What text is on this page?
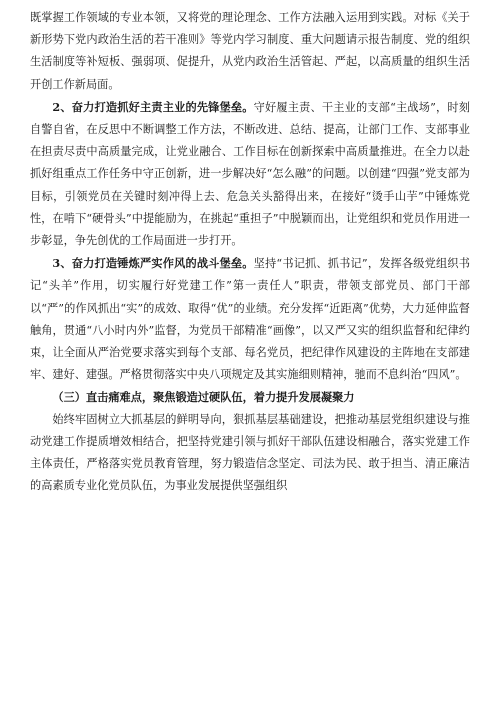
既掌握工作领域的专业本领，又将党的理论理念、工作方法融入运用到实践。对标《关于新形势下党内政治生活的若干准则》等党内学习制度、重大问题请示报告制度、党的组织生活制度等补短板、强弱项、促提升，从党内政治生活管起、严起，以高质量的组织生活开创工作新局面。

2、奋力打造抓好主责主业的先锋堡垒。守好履主责、干主业的支部“主战场”，时刻自警自省，在反思中不断调整工作方法，不断改进、总结、提高，让部门工作、支部事业在担责尽责中高质量完成，让党业融合、工作目标在创新探索中高质量推进。在全力以赴抓好组重点工作任务中守正创新，进一步解决好“怎么融”的问题。以创建“四强”党支部为目标，引领党员在关键时刻冲得上去、危急关头豁得出来，在接好“烫手山芋”中锤炼党性，在啃下“硬骨头”中提能励为，在挑起“重担子”中脱颖而出，让党组织和党员作用进一步彰显，争先创优的工作局面进一步打开。

3、奋力打造锤炼严实作风的战斗堡垒。坚持“书记抓、抓书记”，发挥各级党组织书记“头羊”作用，切实履行好党建工作”第一责任人”职责，带领支部党员、部门干部以“严”的作风抓出“实”的成效、取得“优”的业绩。充分发挥“近距离”优势，大力延伸监督触角，贯通“八小时内外”监督，为党员干部精准“画像”，以又严又实的组织监督和纪律约束，让全面从严治党要求落实到每个支部、每名党员，把纪律作风建设的主阵地在支部建牢、建好、建强。严格贯彻落实中央八项规定及其实施细则精神，驰而不息纠治“四风”。

（三）直击痛难点，聚焦锻造过硬队伍，着力提升发展凝聚力

始终牢固树立大抓基层的鲜明导向，狠抓基层基础建设，把推动基层党组织建设与推动党建工作提质增效相结合，把坚持党建引领与抓好干部队伍建设相融合，落实党建工作主体责任，严格落实党员教育管理，努力锻造信念坚定、司法为民、敢于担当、清正廉洁的高素质专业化党员队伍，为事业发展提供坚强组织
